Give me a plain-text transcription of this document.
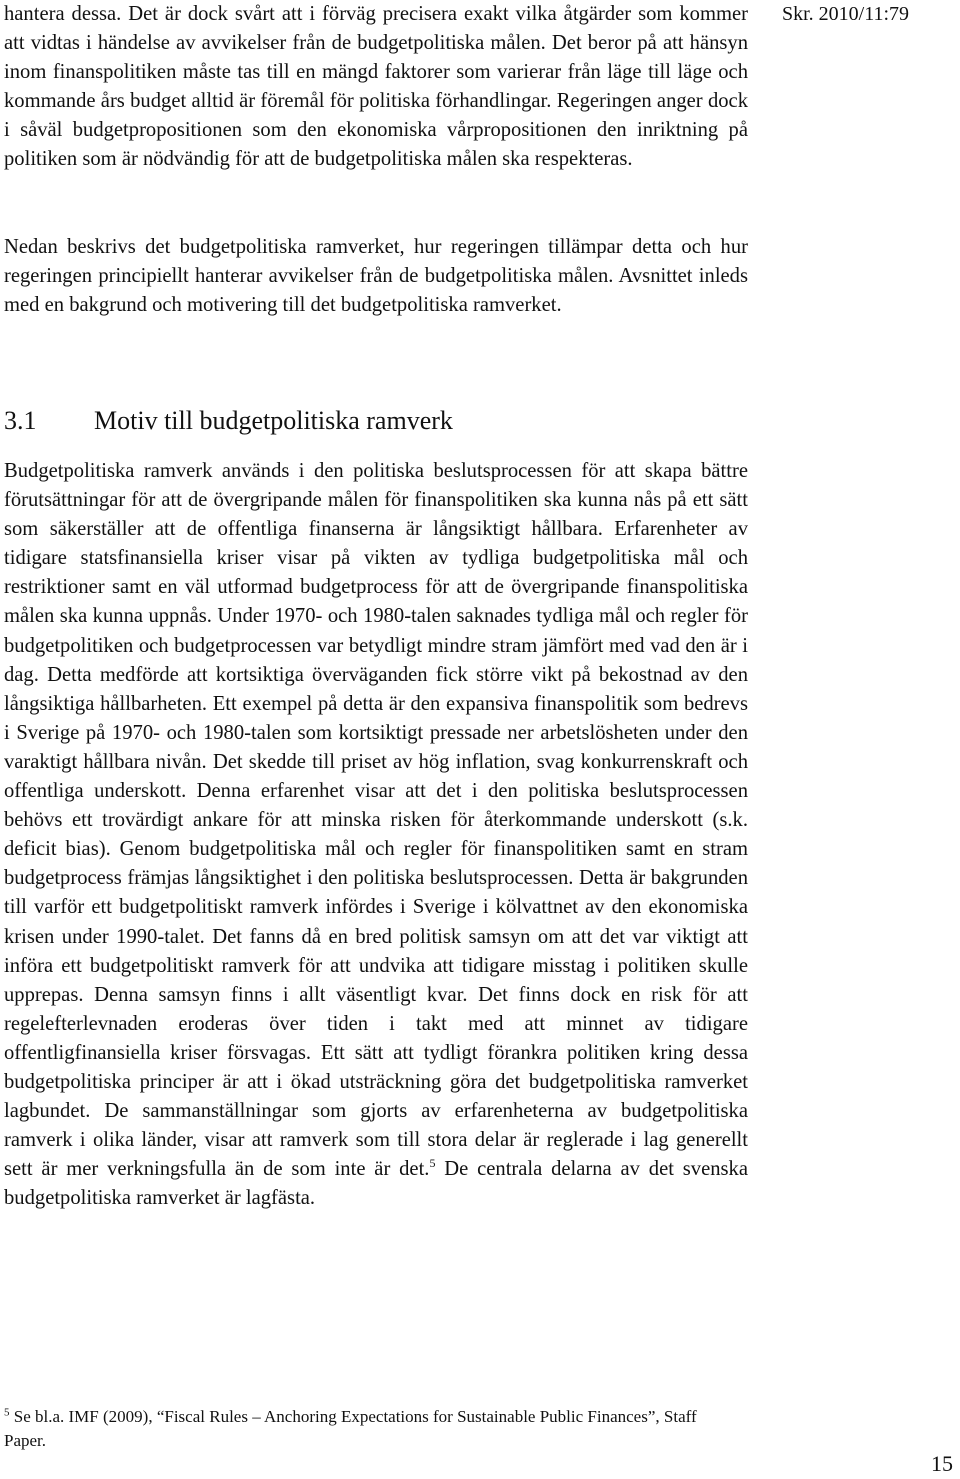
Skr. 2010/11:79

hantera dessa. Det är dock svårt att i förväg precisera exakt vilka åtgärder som kommer att vidtas i händelse av avvikelser från de budgetpolitiska målen. Det beror på att hänsyn inom finanspolitiken måste tas till en mängd faktorer som varierar från läge till läge och kommande års budget alltid är föremål för politiska förhandlingar. Regeringen anger dock i såväl budgetpropositionen som den ekonomiska vårpropositionen den inriktning på politiken som är nödvändig för att de budgetpolitiska målen ska respekteras.

Nedan beskrivs det budgetpolitiska ramverket, hur regeringen tillämpar detta och hur regeringen principiellt hanterar avvikelser från de budgetpolitiska målen. Avsnittet inleds med en bakgrund och motivering till det budgetpolitiska ramverket.

3.1 Motiv till budgetpolitiska ramverk

Budgetpolitiska ramverk används i den politiska beslutsprocessen för att skapa bättre förutsättningar för att de övergripande målen för finanspolitiken ska kunna nås på ett sätt som säkerställer att de offentliga finanserna är långsiktigt hållbara. Erfarenheter av tidigare statsfinansiella kriser visar på vikten av tydliga budgetpolitiska mål och restriktioner samt en väl utformad budgetprocess för att de övergripande finanspolitiska målen ska kunna uppnås. Under 1970- och 1980-talen saknades tydliga mål och regler för budgetpolitiken och budgetprocessen var betydligt mindre stram jämfört med vad den är i dag. Detta medförde att kortsiktiga överväganden fick större vikt på bekostnad av den långsiktiga hållbarheten. Ett exempel på detta är den expansiva finanspolitik som bedrevs i Sverige på 1970- och 1980-talen som kortsiktigt pressade ner arbetslösheten under den varaktigt hållbara nivån. Det skedde till priset av hög inflation, svag konkurrenskraft och offentliga underskott. Denna erfarenhet visar att det i den politiska beslutsprocessen behövs ett trovärdigt ankare för att minska risken för återkommande underskott (s.k. deficit bias). Genom budgetpolitiska mål och regler för finanspolitiken samt en stram budgetprocess främjas långsiktighet i den politiska beslutsprocessen. Detta är bakgrunden till varför ett budgetpolitiskt ramverk infördes i Sverige i kölvattnet av den ekonomiska krisen under 1990-talet. Det fanns då en bred politisk samsyn om att det var viktigt att införa ett budgetpolitiskt ramverk för att undvika att tidigare misstag i politiken skulle upprepas. Denna samsyn finns i allt väsentligt kvar. Det finns dock en risk för att regelefterlevnaden eroderas över tiden i takt med att minnet av tidigare offentligfinansiella kriser försvagas. Ett sätt att tydligt förankra politiken kring dessa budgetpolitiska principer är att i ökad utsträckning göra det budgetpolitiska ramverket lagbundet. De sammanställningar som gjorts av erfarenheterna av budgetpolitiska ramverk i olika länder, visar att ramverk som till stora delar är reglerade i lag generellt sett är mer verkningsfulla än de som inte är det.$^5$ De centrala delarna av det svenska budgetpolitiska ramverket är lagfästa.

$^5$ Se bl.a. IMF (2009), “Fiscal Rules – Anchoring Expectations for Sustainable Public Finances”, Staff Paper.

15
